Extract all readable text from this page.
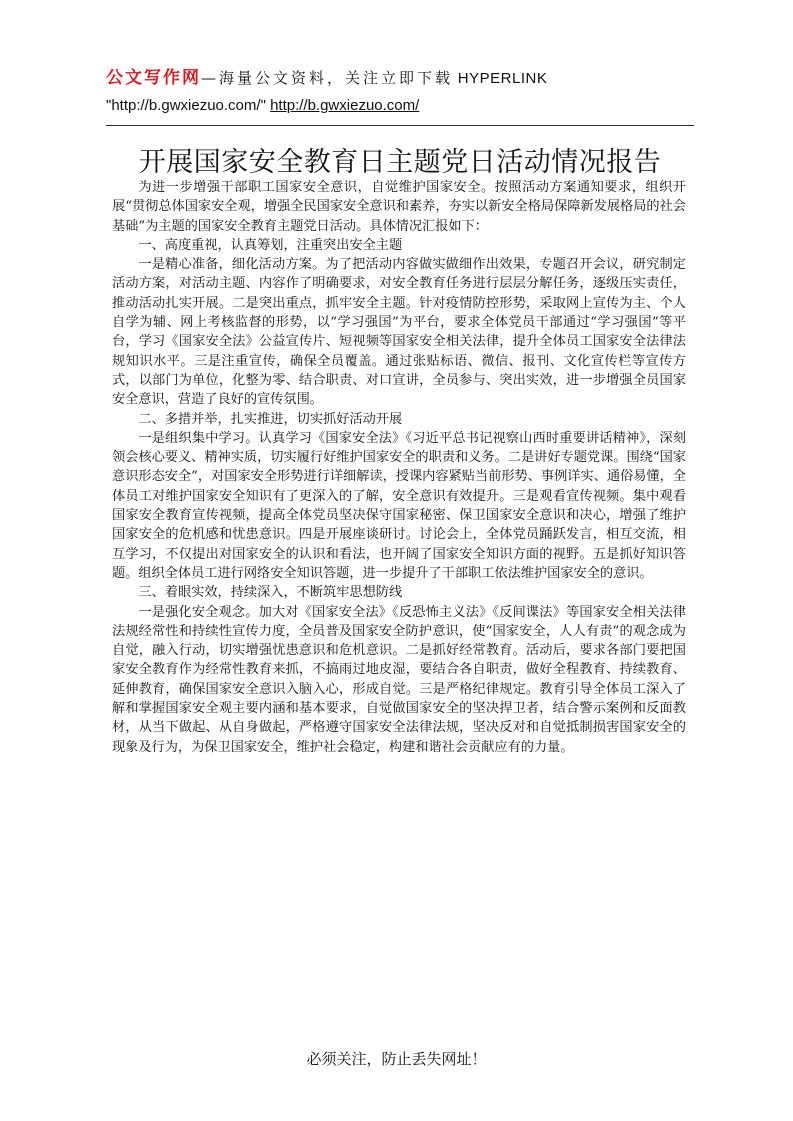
公文写作网—海量公文资料，关注立即下载 HYPERLINK
"http://b.gwxiezuo.com/" http://b.gwxiezuo.com/
开展国家安全教育日主题党日活动情况报告

为进一步增强干部职工国家安全意识，自觉维护国家安全。按照活动方案通知要求，组织开展“贯彻总体国家安全观，增强全民国家安全意识和素养，夯实以新安全格局保障新发展格局的社会基础”为主题的国家安全教育主题党日活动。具体情况汇报如下：

一、高度重视，认真筹划，注重突出安全主题

一是精心准备，细化活动方案。为了把活动内容做实做细作出效果，专题召开会议，研究制定活动方案，对活动主题、内容作了明确要求，对安全教育任务进行层层分解任务，逐级压实责任，推动活动扎实开展。二是突出重点，抓牢安全主题。针对疫情防控形势，采取网上宣传为主、个人自学为辅、网上考核监督的形势，以“学习强国”为平台，要求全体党员干部通过“学习强国”等平台，学习《国家安全法》公益宣传片、短视频等国家安全相关法律，提升全体员工国家安全法律法规知识水平。三是注重宣传，确保全员覆盖。通过张贴标语、微信、报刊、文化宣传栏等宣传方式，以部门为单位，化整为零、结合职责、对口宣讲，全员参与、突出实效，进一步增强全员国家安全意识，营造了良好的宣传氛围。

二、多措并举，扎实推进，切实抓好活动开展

一是组织集中学习。认真学习《国家安全法》《习近平总书记视察山西时重要讲话精神》，深刻领会核心要义、精神实质，切实履行好维护国家安全的职责和义务。二是讲好专题党课。围绕“国家意识形态安全”，对国家安全形势进行详细解读，授课内容紧贴当前形势、事例详实、通俗易懂，全体员工对维护国家安全知识有了更深入的了解，安全意识有效提升。三是观看宣传视频。集中观看国家安全教育宣传视频，提高全体党员坚决保守国家秘密、保卫国家安全意识和决心，增强了维护国家安全的危机感和忧患意识。四是开展座谈研讨。讨论会上，全体党员踊跃发言，相互交流，相互学习，不仅提出对国家安全的认识和看法，也开阔了国家安全知识方面的视野。五是抓好知识答题。组织全体员工进行网络安全知识答题，进一步提升了干部职工依法维护国家安全的意识。

三、着眼实效，持续深入，不断筑牢思想防线

一是强化安全观念。加大对《国家安全法》《反恐怖主义法》《反间谍法》等国家安全相关法律法规经常性和持续性宣传力度，全员普及国家安全防护意识，使“国家安全，人人有责”的观念成为自觉，融入行动，切实增强忧患意识和危机意识。二是抓好经常教育。活动后，要求各部门要把国家安全教育作为经常性教育来抓，不搞雨过地皮湿，要结合各自职责，做好全程教育、持续教育、延伸教育，确保国家安全意识入脑入心，形成自觉。三是严格纪律规定。教育引导全体员工深入了解和掌握国家安全观主要内涵和基本要求，自觉做国家安全的坚决捍卫者，结合警示案例和反面教材，从当下做起、从自身做起，严格遵守国家安全法律法规，坚决反对和自觉抵制损害国家安全的现象及行为，为保卫国家安全，维护社会稳定，构建和谐社会贡献应有的力量。

必须关注，防止丢失网址！
